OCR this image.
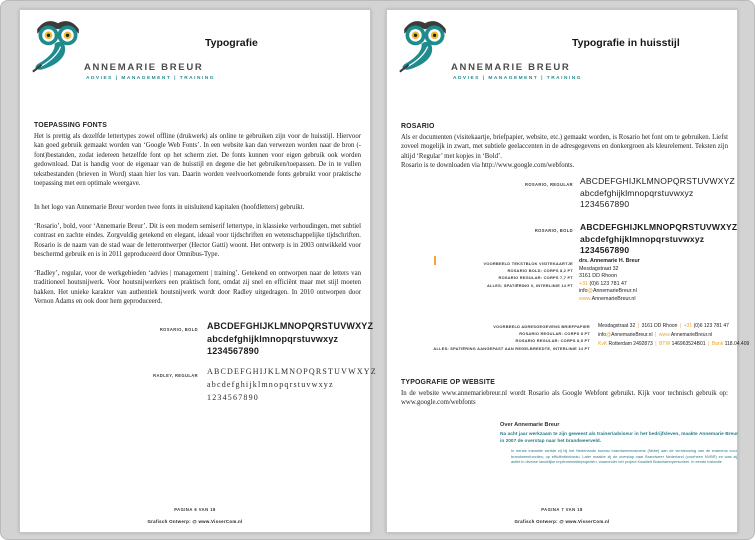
ANNEMARIE BREUR
ADVIES | MANAGEMENT | TRAINING
Typografie
TOEPASSING FONTS
Het is prettig als dezelfde lettertypes zowel offline (drukwerk) als online te gebruiken zijn voor de huisstijl. Hiervoor kan goed gebruik gemaakt worden van ‘Google Web Fonts’. In een website kan dan verwezen worden naar de bron (-font)bestanden, zodat iedereen hetzelfde font op het scherm ziet. De fonts kunnen voor eigen gebruik ook worden gedownload. Dat is handig voor de eigenaar van de huisstijl en degene die het gebruiken/toepassen. De in te vullen tekstbestanden (brieven in Word) staan hier los van. Daarin worden veelvoorkomende fonts gebruikt voor praktische toepassing met een optimale weergave.
In het logo van Annemarie Breur worden twee fonts in uitsluitend kapitalen (hoofdletters) gebruikt.
‘Rosario’, bold, voor ‘Annemarie Breur’. Dit is een modern semiserif lettertype, in klassieke verhoudingen, met subtiel contrast en zachte eindes. Zorgvuldig getekend en elegant, ideaal voor tijdschriften en wetenschappelijke tijdschriften. Rosario is de naam van de stad waar de letterontwerper (Hector Gatti) woont. Het ontwerp is in 2003 ontwikkeld voor beschermd gebruik en is in 2011 geproduceerd door Omnibus-Type.
‘Radley’, regular, voor de werkgebieden ‘advies | management | training’. Getekend en ontworpen naar de letters van traditioneel houtsnijwerk. Voor houtsnijwerkers een praktisch font, omdat zij snel en efficiënt maar met stijl moeten hakken. Het unieke karakter van authentiek houtsnijwerk wordt door Radley uitgedragen. In 2010 ontworpen door Vernon Adams en ook door hem geproduceerd.
ROSARIO, BOLD ABCDEFGHIJKLMNOPQRSTUVWXYZ
abcdefghijklmnopqrstuvwxyz
1234567890
RADLEY, REGULAR ABCDEFGHIJKLMNOPQRSTUVWXYZ
abcdefghijklmnopqrstuvwxyz
1234567890
PAGINA 6 VAN 18
Grafisch Ontwerp: @ www.VisserCom.nl
ANNEMARIE BREUR
ADVIES | MANAGEMENT | TRAINING
Typografie in huisstijl
ROSARIO
Als er documenten (visitekaartje, briefpapier, website, etc.) gemaakt worden, is Rosario het font om te gebruiken. Liefst zoveel mogelijk in zwart, met subtiele geelaccenten in de adresgegevens en donkergroen als kleurelement. Teksten zijn altijd ‘Regular’ met kopjes in ‘Bold’.
Rosario is te downloaden via http://www.google.com/webfonts.
ROSARIO, REGULAR ABCDEFGHIJKLMNOPQRSTUVWXYZ
abcdefghijklmnopqrstuvwxyz
1234567890
ROSARIO, BOLD ABCDEFGHIJKLMNOPQRSTUVWXYZ
abcdefghijklmnopqrstuvwxyz
1234567890
VOORBEELD TEKSTBLOK VISITEKAARTJE
ROSARIO BOLD: CORPS 8,2 PT
ROSARIO REGULAR: CORPS 7,7 PT
ALLES: SPATIËRING 0, INTERLINIE 14 PT
drs. Annemarie H. Breur
Mesdagstraat 32
3161 DD Rhoon
+31 (0)6 123 781 47
info@AnnemarieBreur.nl
www.AnnemarieBreur.nl
VOORBEELD ADRESGEGEVENS BRIEFPAPIER
ROSARIO REGULAR: CORPS 8 PT
ROSARIO REGULAR: CORPS 8,5 PT
ALLES: SPATIËRING AANGEPAST AAN REGELBREEDTE, INTERLINIE 14 PT
Mesdagstraat 32 | 3161 DD Rhoon | +31 (0)6 123 781 47
info@AnnemarieBreur.nl | www.AnnemarieBreur.nl
KvK Rotterdam 2492873 | BTW 146963524B01 | Bank 118.04.409
TYPOGRAFIE OP WEBSITE
In de website www.annemariebreur.nl wordt Rosario als Google Webfont gebruikt. Kijk voor technisch gebruik op: www.google.com/webfonts
Over Annemarie Breur
Na acht jaar werkzaam te zijn geweest als trainer/adviseur in het bedrijfsleven, maakte Annemarie Breur in 2007 de overstap naar het brandweerveld.
In eerste instantie werkte zij bij het Nederlands bureau brandweerexamens (Nbbe) aan de vernieuwing van de examens voor brandweerfuncties; op efficiëntieniveau. Later maakte zij de overstap naar Brandweer Nederland (voorheen NVBR) en was zij actief in diverse landelijke implementatieprojecten, waaronder het project Kwaliteit Brandweerpersoneel. In eerste instantie
PAGINA 7 VAN 18
Grafisch Ontwerp: @ www.VisserCom.nl
